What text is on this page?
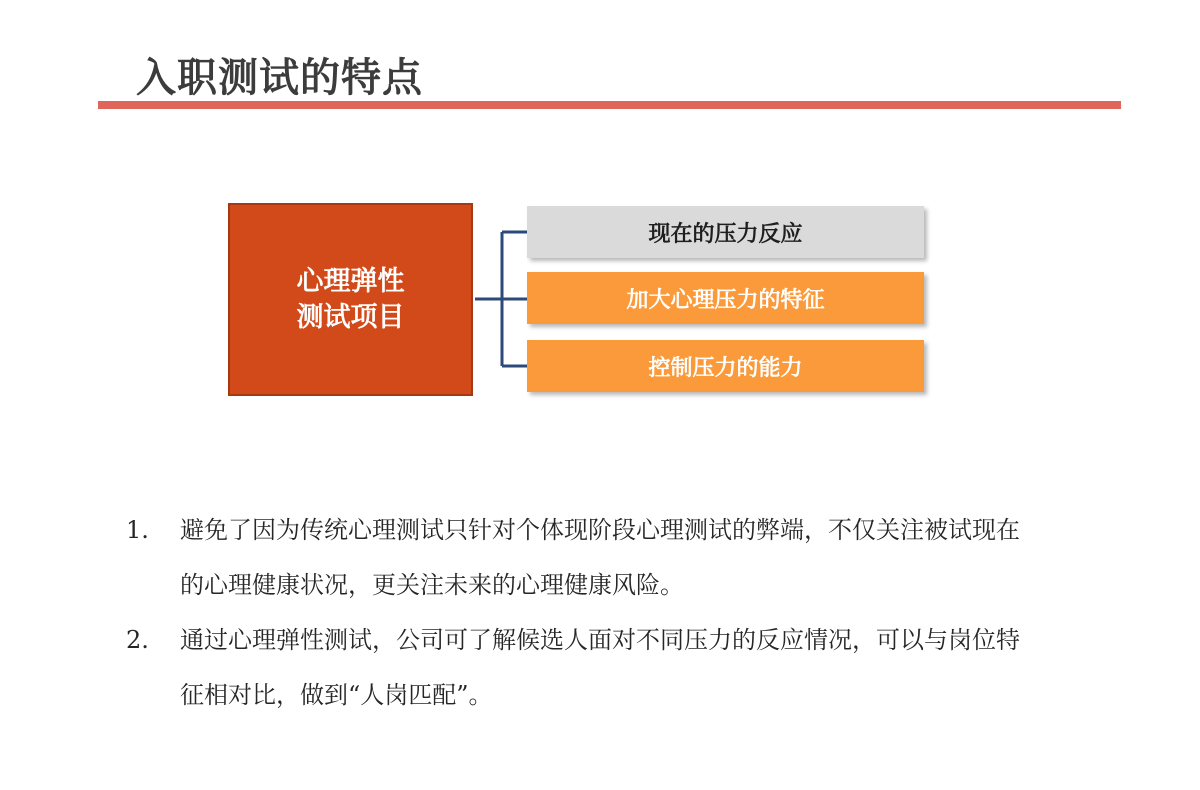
入职测试的特点
心理弹性
测试项目
现在的压力反应
加大心理压力的特征
控制压力的能力
1.	避免了因为传统心理测试只针对个体现阶段心理测试的弊端，不仅关注被试现在的心理健康状况，更关注未来的心理健康风险。
2.	通过心理弹性测试，公司可了解候选人面对不同压力的反应情况，可以与岗位特征相对比，做到“人岗匹配”。
